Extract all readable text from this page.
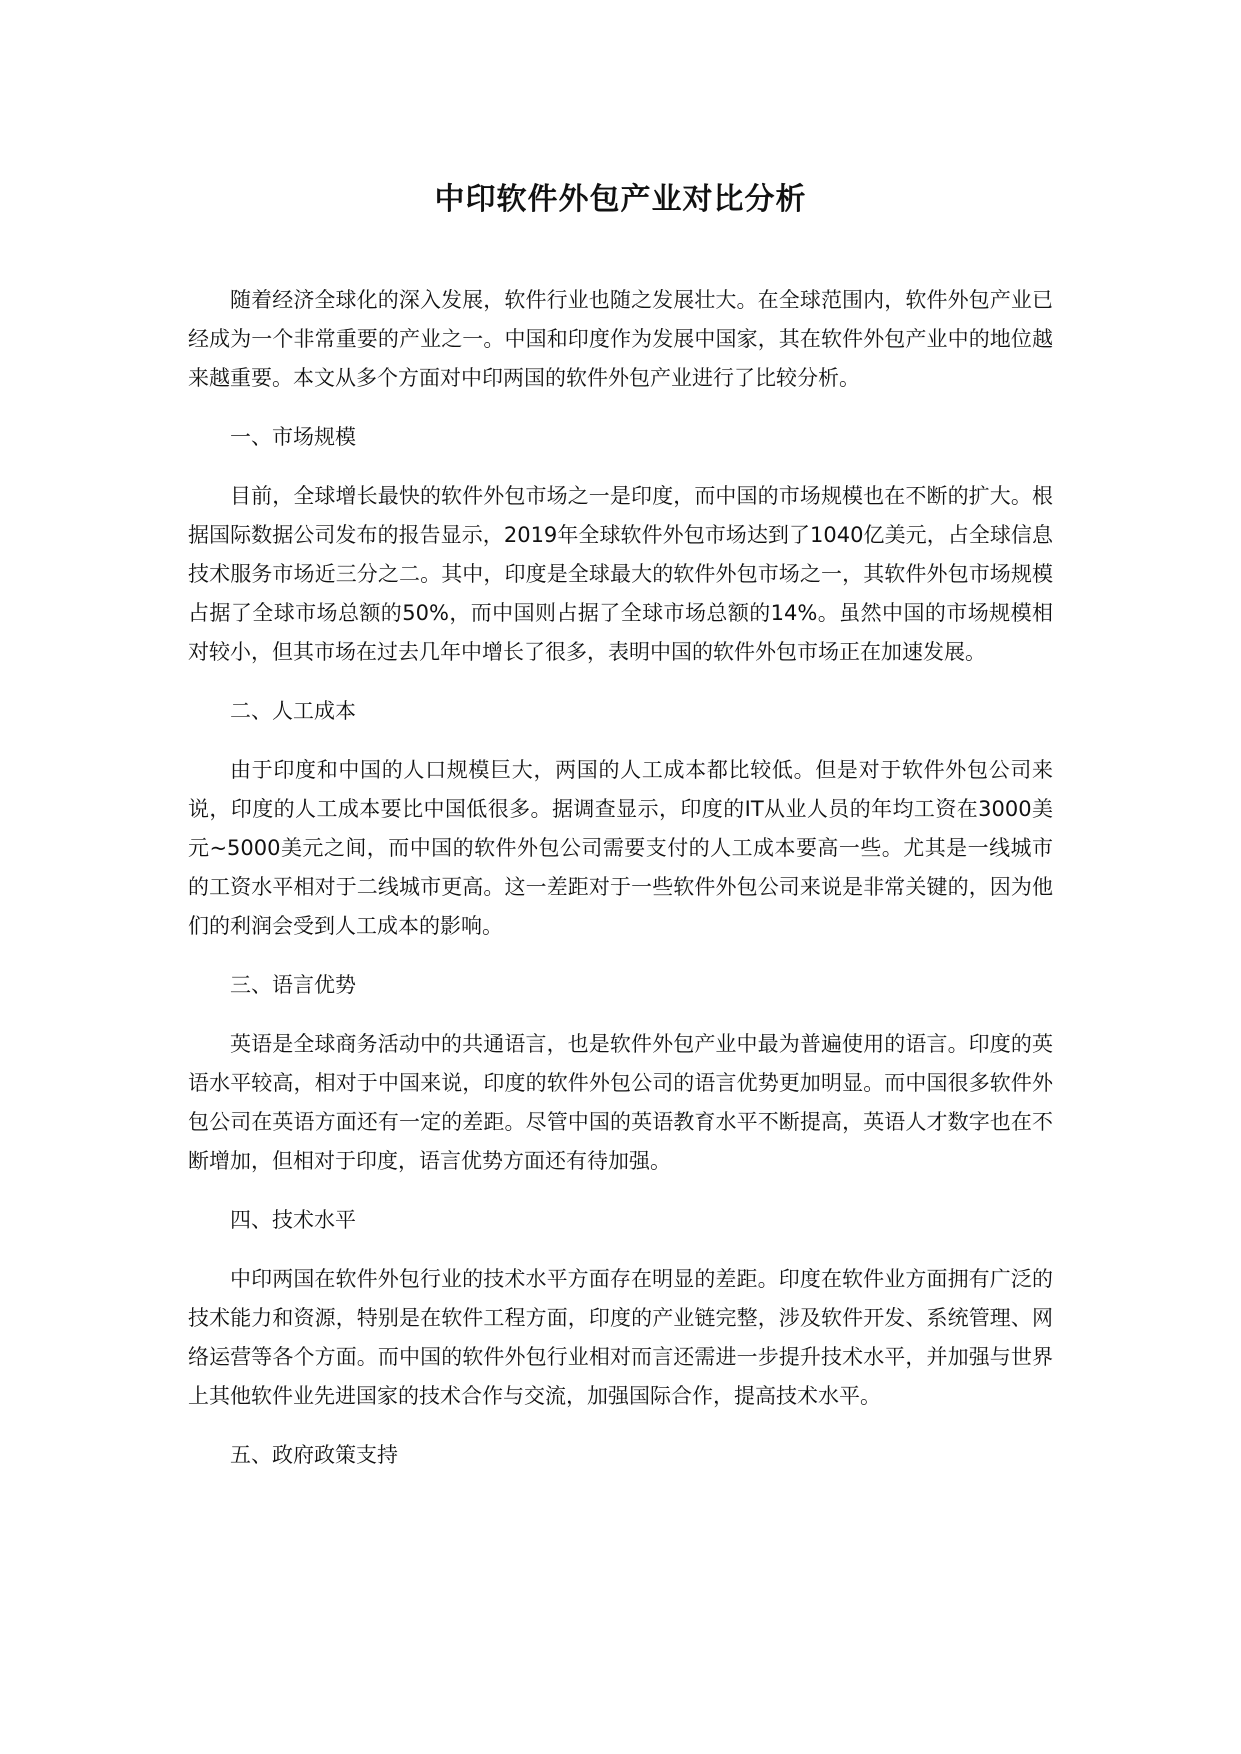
中印软件外包产业对比分析

随着经济全球化的深入发展，软件行业也随之发展壮大。在全球范围内，软件外包产业已经成为一个非常重要的产业之一。中国和印度作为发展中国家，其在软件外包产业中的地位越来越重要。本文从多个方面对中印两国的软件外包产业进行了比较分析。

一、市场规模

目前，全球增长最快的软件外包市场之一是印度，而中国的市场规模也在不断的扩大。根据国际数据公司发布的报告显示，2019年全球软件外包市场达到了1040亿美元，占全球信息技术服务市场近三分之二。其中，印度是全球最大的软件外包市场之一，其软件外包市场规模占据了全球市场总额的50%，而中国则占据了全球市场总额的14%。虽然中国的市场规模相对较小，但其市场在过去几年中增长了很多，表明中国的软件外包市场正在加速发展。

二、人工成本

由于印度和中国的人口规模巨大，两国的人工成本都比较低。但是对于软件外包公司来说，印度的人工成本要比中国低很多。据调查显示，印度的IT从业人员的年均工资在3000美元~5000美元之间，而中国的软件外包公司需要支付的人工成本要高一些。尤其是一线城市的工资水平相对于二线城市更高。这一差距对于一些软件外包公司来说是非常关键的，因为他们的利润会受到人工成本的影响。

三、语言优势

英语是全球商务活动中的共通语言，也是软件外包产业中最为普遍使用的语言。印度的英语水平较高，相对于中国来说，印度的软件外包公司的语言优势更加明显。而中国很多软件外包公司在英语方面还有一定的差距。尽管中国的英语教育水平不断提高，英语人才数字也在不断增加，但相对于印度，语言优势方面还有待加强。

四、技术水平

中印两国在软件外包行业的技术水平方面存在明显的差距。印度在软件业方面拥有广泛的技术能力和资源，特别是在软件工程方面，印度的产业链完整，涉及软件开发、系统管理、网络运营等各个方面。而中国的软件外包行业相对而言还需进一步提升技术水平，并加强与世界上其他软件业先进国家的技术合作与交流，加强国际合作，提高技术水平。

五、政府政策支持
